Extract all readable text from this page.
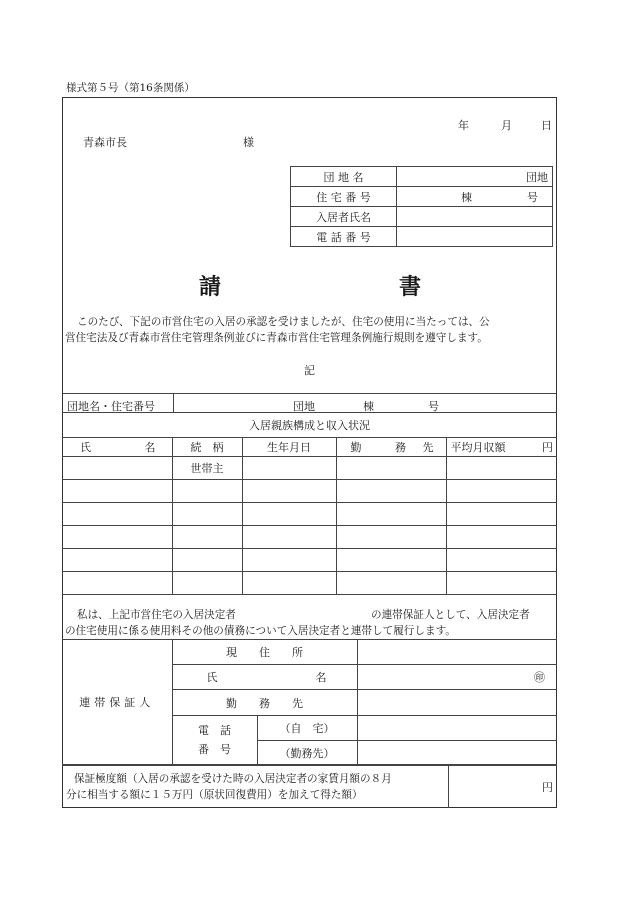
様式第５号（第16条関係）
年	月	日
青森市長	様
団 地 名	団地
住 宅 番 号	棟 号

入居者氏名	
電 話 番 号	
請	書
このたび、下記の市営住宅の入居の承認を受けましたが、住宅の使用に当たっては、公
営住宅法及び青森市営住宅管理条例並びに青森市営住宅管理条例施行規則を遵守します。
記
団地名・住宅番号	団地	棟	号
入居親族構成と収入状況				
氏 名	続　柄	生年月日	勤 務 先	平均月収額 円

	世帯主			

私は、上記市営住宅の入居決定者	の連帯保証人として、入居決定者
の住宅使用に係る使用料その他の債務について入居決定者と連帯して履行します。
連帯保証人	現　　住　　所		
	氏 名		㊞

	勤　　務　　先		

	電　話
番　号	（自　宅）	
		（勤務先）	
保証極度額（入居の承認を受けた時の入居決定者の家賃月額の８月
分に相当する額に１５万円（原状回復費用）を加えて得た額）
	円
